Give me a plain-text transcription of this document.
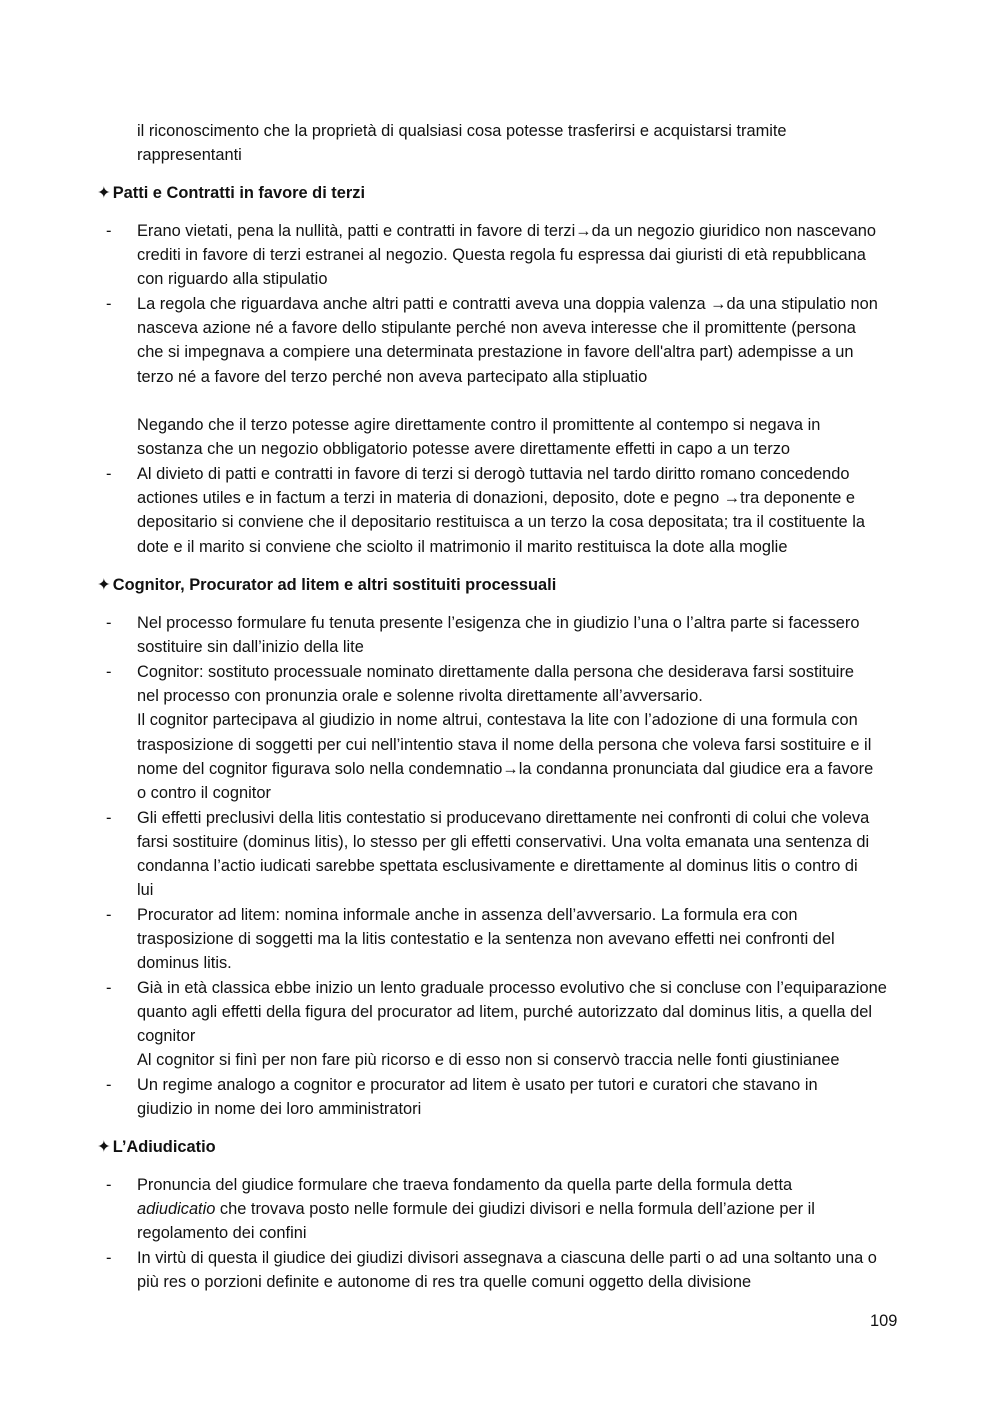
il riconoscimento che la proprietà di qualsiasi cosa potesse trasferirsi e acquistarsi tramite
rappresentanti
✦ Patti e Contratti in favore di terzi
- Erano vietati, pena la nullità, patti e contratti in favore di terzi→da un negozio giuridico non nascevano
crediti in favore di terzi estranei al negozio. Questa regola fu espressa dai giuristi di età repubblicana
con riguardo alla stipulatio
- La regola che riguardava anche altri patti e contratti aveva una doppia valenza →da una stipulatio non
nasceva azione né a favore dello stipulante perché non aveva interesse che il promittente (persona
che si impegnava a compiere una determinata prestazione in favore dell'altra part) adempisse a un
terzo né a favore del terzo perché non aveva partecipato alla stipluatio
Negando che il terzo potesse agire direttamente contro il promittente al contempo si negava in
sostanza che un negozio obbligatorio potesse avere direttamente effetti in capo a un terzo
- Al divieto di patti e contratti in favore di terzi si derogò tuttavia nel tardo diritto romano concedendo
actiones utiles e in factum a terzi in materia di donazioni, deposito, dote e pegno →tra deponente e
depositario si conviene che il depositario restituisca a un terzo la cosa depositata; tra il costituente la
dote e il marito si conviene che sciolto il matrimonio il marito restituisca la dote alla moglie
✦ Cognitor, Procurator ad litem e altri sostituiti processuali
- Nel processo formulare fu tenuta presente l’esigenza che in giudizio l’una o l’altra parte si facessero
sostituire sin dall’inizio della lite
- Cognitor: sostituto processuale nominato direttamente dalla persona che desiderava farsi sostituire
nel processo con pronunzia orale e solenne rivolta direttamente all’avversario.
Il cognitor partecipava al giudizio in nome altrui, contestava la lite con l’adozione di una formula con
trasposizione di soggetti per cui nell’intentio stava il nome della persona che voleva farsi sostituire e il
nome del cognitor figurava solo nella condemnatio→la condanna pronunciata dal giudice era a favore
o contro il cognitor
- Gli effetti preclusivi della litis contestatio si producevano direttamente nei confronti di colui che voleva
farsi sostituire (dominus litis), lo stesso per gli effetti conservativi. Una volta emanata una sentenza di
condanna l’actio iudicati sarebbe spettata esclusivamente e direttamente al dominus litis o contro di
lui
- Procurator ad litem: nomina informale anche in assenza dell’avversario. La formula era con
trasposizione di soggetti ma la litis contestatio e la sentenza non avevano effetti nei confronti del
dominus litis.
- Già in età classica ebbe inizio un lento graduale processo evolutivo che si concluse con l’equiparazione
quanto agli effetti della figura del procurator ad litem, purché autorizzato dal dominus litis, a quella del
cognitor
Al cognitor si finì per non fare più ricorso e di esso non si conservò traccia nelle fonti giustinianee
- Un regime analogo a cognitor e procurator ad litem è usato per tutori e curatori che stavano in
giudizio in nome dei loro amministratori
✦ L’Adiudicatio
- Pronuncia del giudice formulare che traeva fondamento da quella parte della formula detta
adiudicatio che trovava posto nelle formule dei giudizi divisori e nella formula dell’azione per il
regolamento dei confini
- In virtù di questa il giudice dei giudizi divisori assegnava a ciascuna delle parti o ad una soltanto una o
più res o porzioni definite e autonome di res tra quelle comuni oggetto della divisione
109
